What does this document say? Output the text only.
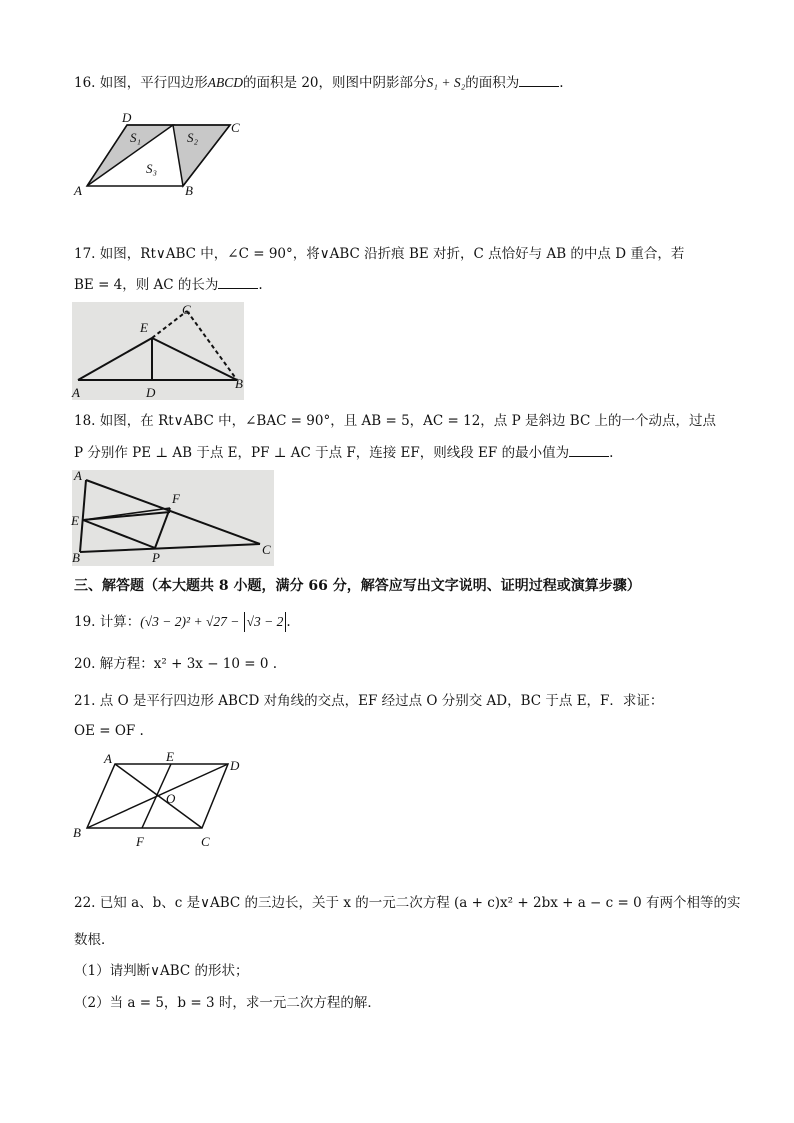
16. 如图，平行四边形ABCD的面积是 20，则图中阴影部分S₁ + S₂的面积为	.
D
C
A	B
S₁	S₂
S₃
17. 如图，Rt∨ABC 中，∠C = 90°，将∨ABC 沿折痕 BE 对折，C 点恰好与 AB 的中点 D 重合，若
BE = 4，则 AC 的长为	.
C
E
A	D
B
18. 如图，在 Rt∨ABC 中，∠BAC = 90°，且 AB = 5，AC = 12，点 P 是斜边 BC 上的一个动点，过点
P 分别作 PE ⊥ AB 于点 E，PF ⊥ AC 于点 F，连接 EF，则线段 EF 的最小值为	.
A
F
E
B	P
C
三、解答题（本大题共 8 小题，满分 66 分，解答应写出文字说明、证明过程或演算步骤）
19. 计算：(√3 − 2)² + √27 − √3 − 2 .
20. 解方程：x² + 3x − 10 = 0 .
21. 点 O 是平行四边形 ABCD 对角线的交点，EF 经过点 O 分别交 AD，BC 于点 E，F．求证：
OE = OF .
A	E
D
O
B
F	C
22. 已知 a、b、c 是∨ABC 的三边长，关于 x 的一元二次方程 (a + c)x² + 2bx + a − c = 0 有两个相等的实
数根．
（1）请判断∨ABC 的形状；
（2）当 a = 5，b = 3 时，求一元二次方程的解．
